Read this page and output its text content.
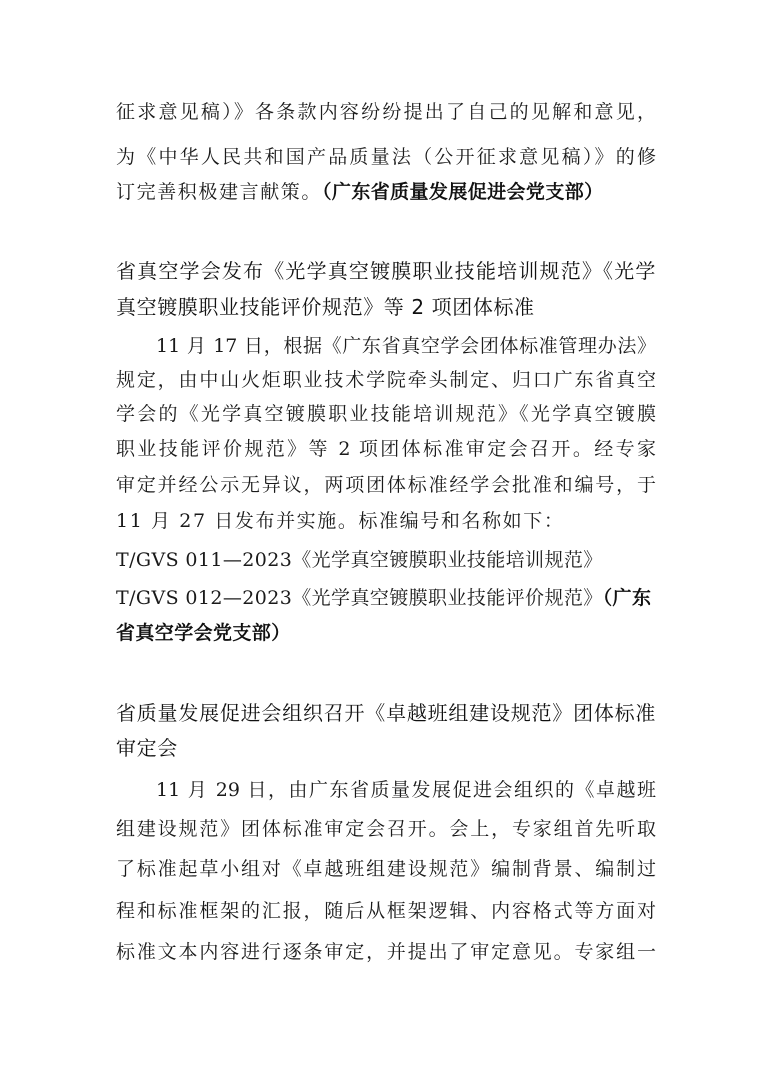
征求意见稿）》各条款内容纷纷提出了自己的见解和意见，
为《中华人民共和国产品质量法（公开征求意见稿）》的修
订完善积极建言献策。（广东省质量发展促进会党支部）
省真空学会发布《光学真空镀膜职业技能培训规范》《光学
真空镀膜职业技能评价规范》等 2 项团体标准
11 月 17 日，根据《广东省真空学会团体标准管理办法》
规定，由中山火炬职业技术学院牵头制定、归口广东省真空
学会的《光学真空镀膜职业技能培训规范》《光学真空镀膜
职业技能评价规范》等 2 项团体标准审定会召开。经专家
审定并经公示无异议，两项团体标准经学会批准和编号，于
11 月 27 日发布并实施。标准编号和名称如下：
T/GVS 011—2023《光学真空镀膜职业技能培训规范》
T/GVS 012—2023《光学真空镀膜职业技能评价规范》（广东
省真空学会党支部）
省质量发展促进会组织召开《卓越班组建设规范》团体标准
审定会
11 月 29 日，由广东省质量发展促进会组织的《卓越班
组建设规范》团体标准审定会召开。会上，专家组首先听取
了标准起草小组对《卓越班组建设规范》编制背景、编制过
程和标准框架的汇报，随后从框架逻辑、内容格式等方面对
标准文本内容进行逐条审定，并提出了审定意见。专家组一
